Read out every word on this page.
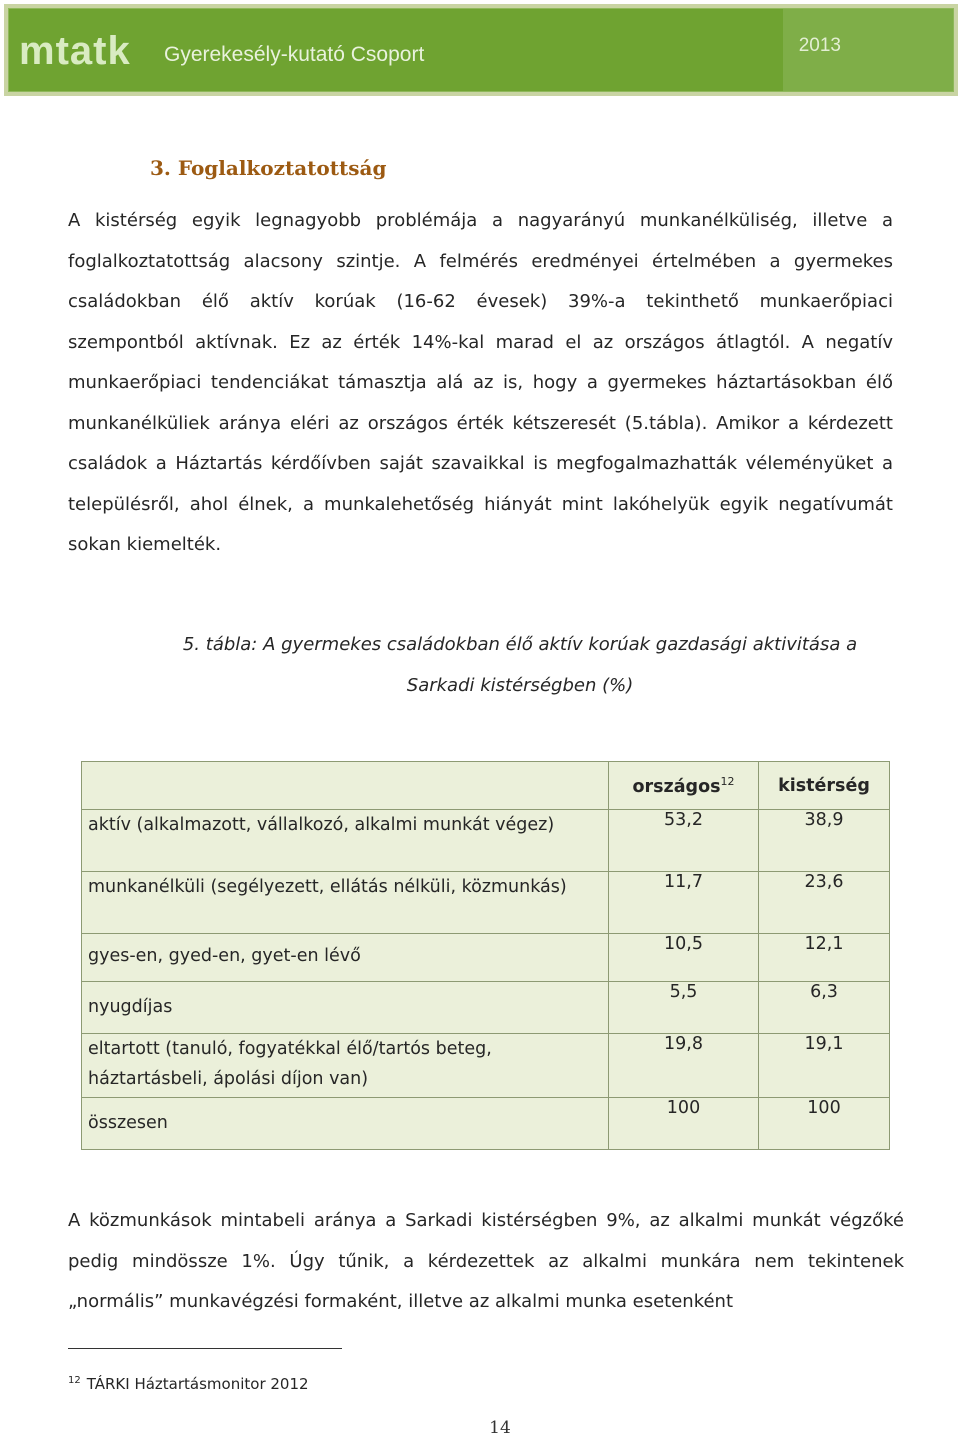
mtatk Gyerekesély-kutató Csoport	2013
3. Foglalkoztatottság
A kistérség egyik legnagyobb problémája a nagyarányú munkanélküliség, illetve a foglalkoztatottság alacsony szintje. A felmérés eredményei értelmében a gyermekes családokban élő aktív korúak (16-62 évesek) 39%-a tekinthető munkaerőpiaci szempontból aktívnak. Ez az érték 14%-kal marad el az országos átlagtól. A negatív munkaerőpiaci tendenciákat támasztja alá az is, hogy a gyermekes háztartásokban élő munkanélküliek aránya eléri az országos érték kétszeresét (5.tábla). Amikor a kérdezett családok a Háztartás kérdőívben saját szavaikkal is megfogalmazhatták véleményüket a településről, ahol élnek, a munkalehetőség hiányát mint lakóhelyük egyik negatívumát sokan kiemelték.
5. tábla: A gyermekes családokban élő aktív korúak gazdasági aktivitása a
Sarkadi kistérségben (%)
	országos$^{12}$	kistérség
aktív (alkalmazott, vállalkozó, alkalmi munkát végez)	53,2	38,9
munkanélküli (segélyezett, ellátás nélküli, közmunkás)	11,7	23,6
gyes-en, gyed-en, gyet-en lévő	10,5	12,1
nyugdíjas	5,5	6,3
eltartott (tanuló, fogyatékkal élő/tartós beteg, háztartásbeli, ápolási díjon van)	19,8	19,1
összesen	100	100
A közmunkások mintabeli aránya a Sarkadi kistérségben 9%, az alkalmi munkát végzőké pedig mindössze 1%. Úgy tűnik, a kérdezettek az alkalmi munkára nem tekintenek „normális” munkavégzési formaként, illetve az alkalmi munka esetenként
$^{12}$ TÁRKI Háztartásmonitor 2012
14
